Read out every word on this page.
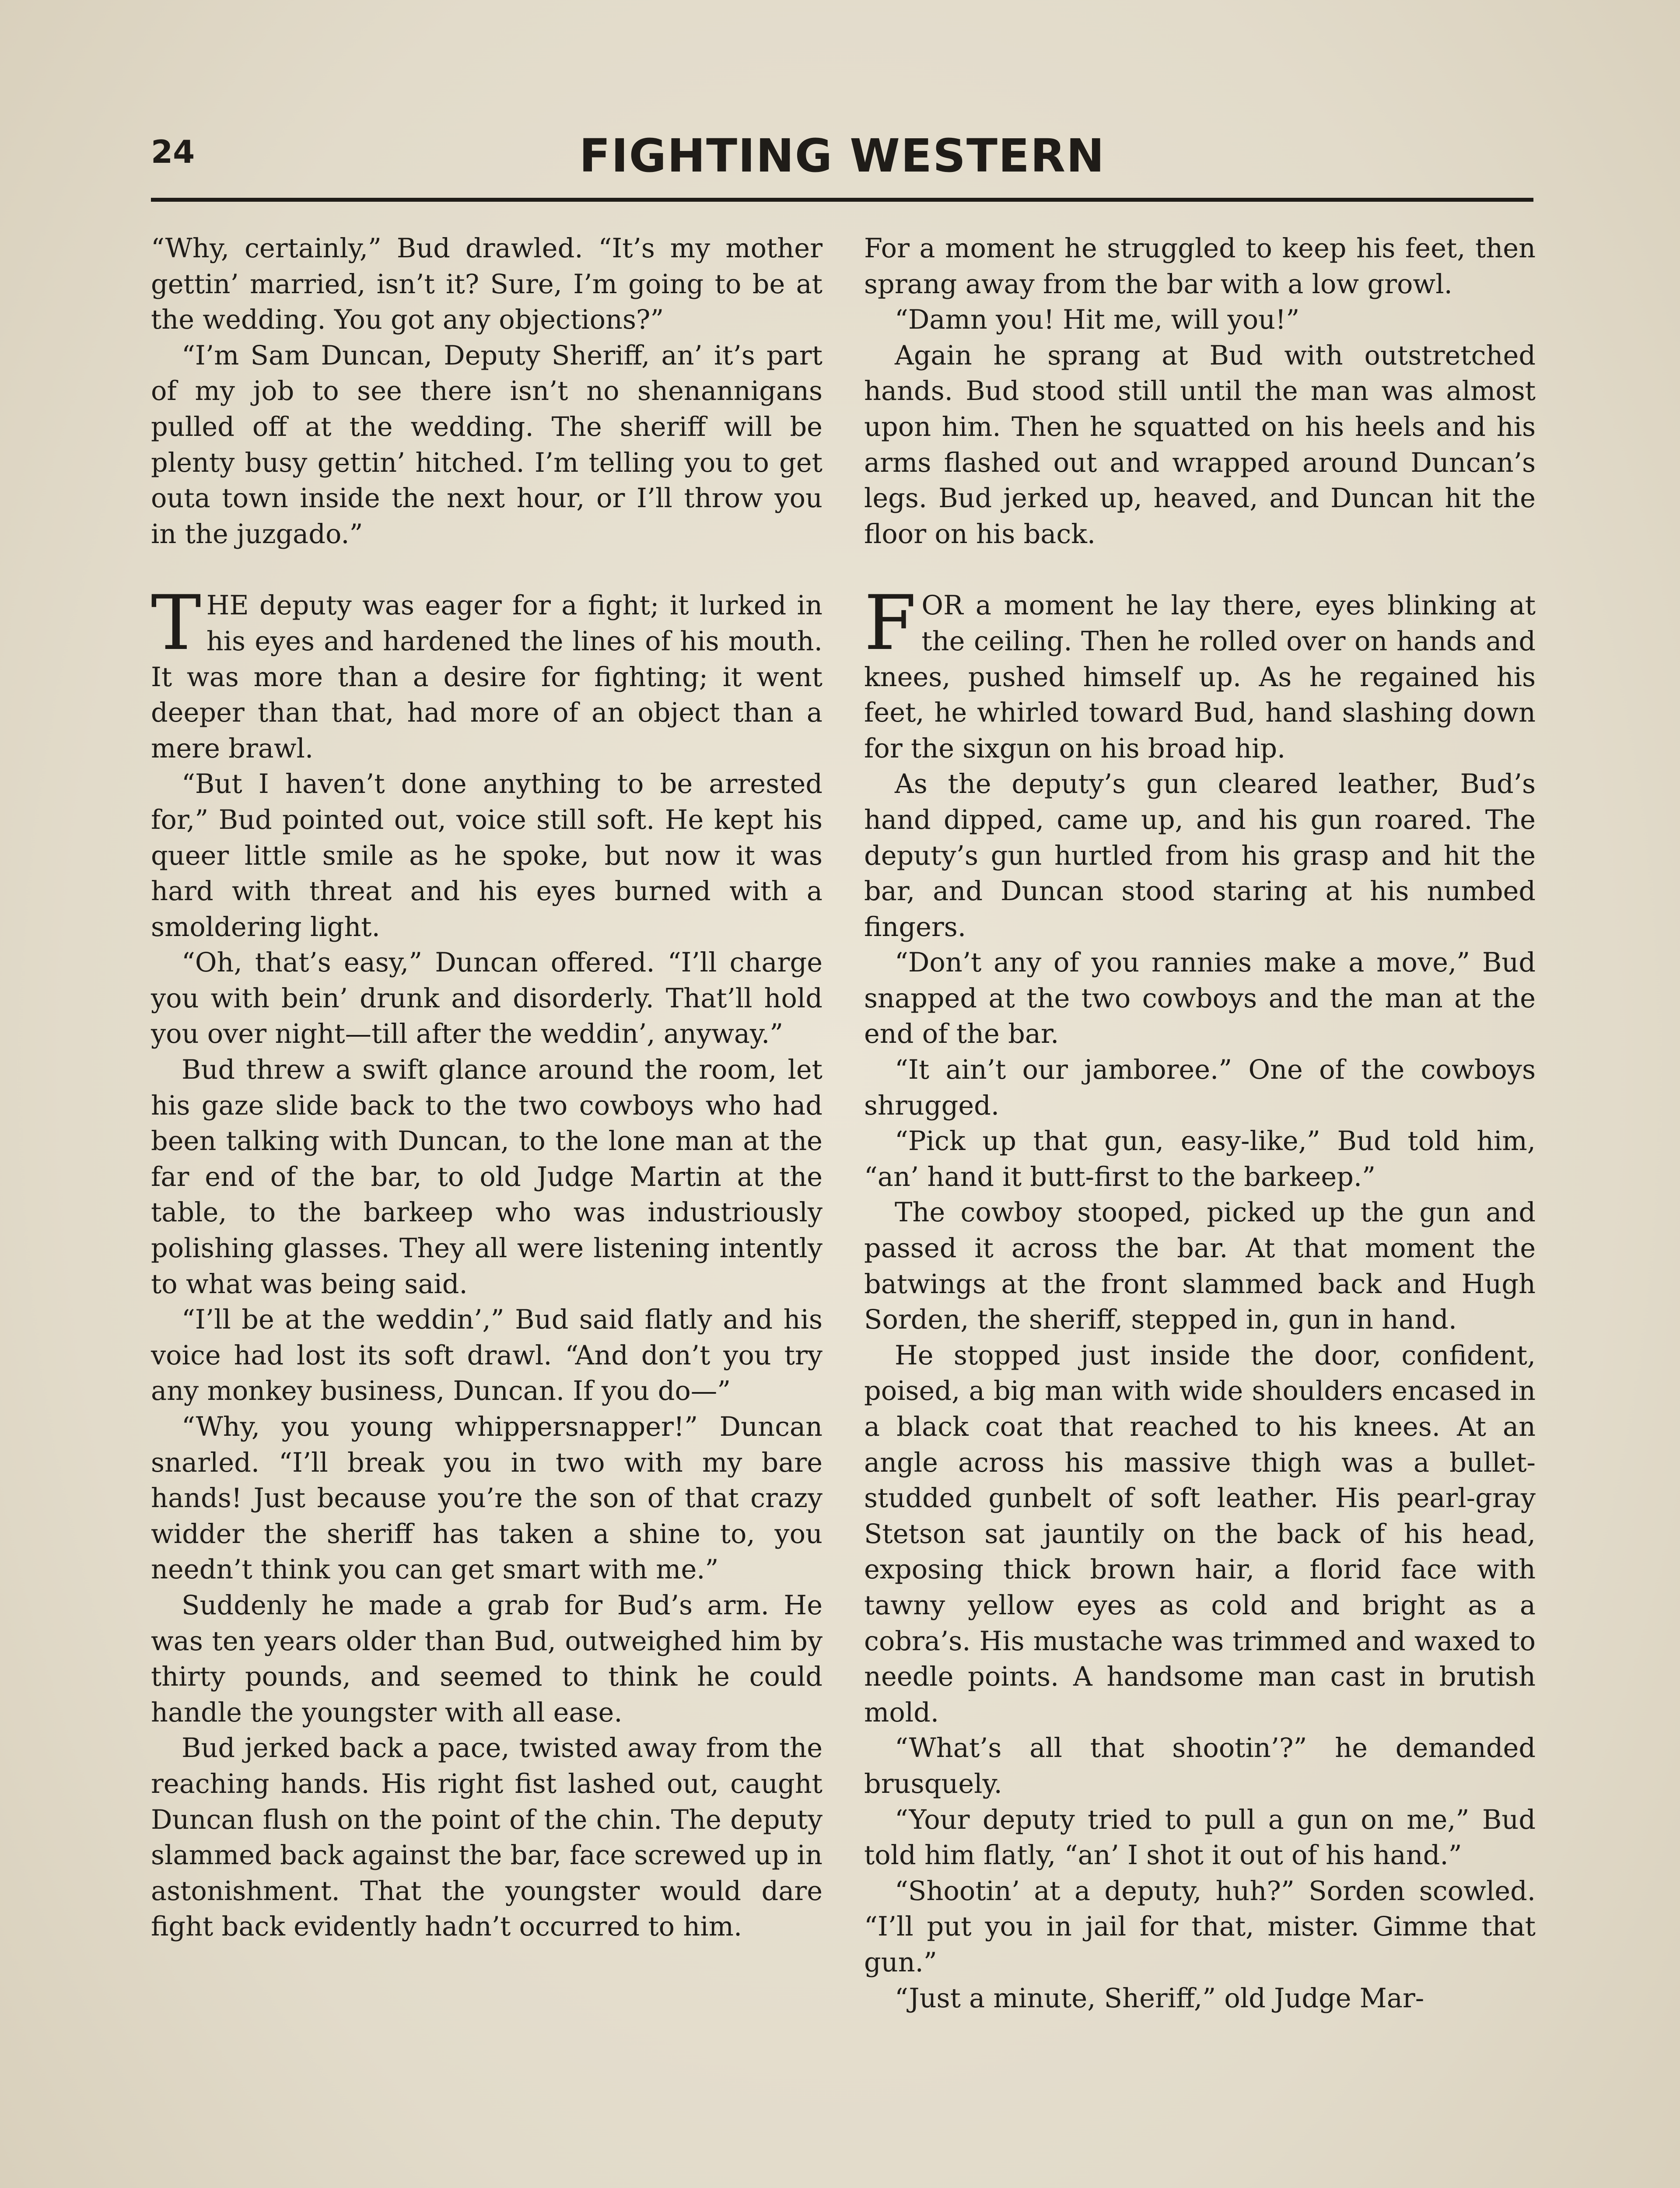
24	FIGHTING WESTERN

“Why, certainly,” Bud drawled. “It’s my mother gettin’ married, isn’t it? Sure, I’m going to be at the wedding. You got any objections?”

“I’m Sam Duncan, Deputy Sheriff, an’ it’s part of my job to see there isn’t no shenannigans pulled off at the wedding. The sheriff will be plenty busy gettin’ hitched. I’m telling you to get outa town inside the next hour, or I’ll throw you in the juzgado.”

THE deputy was eager for a fight; it lurked in his eyes and hardened the lines of his mouth. It was more than a desire for fighting; it went deeper than that, had more of an object than a mere brawl.

“But I haven’t done anything to be arrested for,” Bud pointed out, voice still soft. He kept his queer little smile as he spoke, but now it was hard with threat and his eyes burned with a smoldering light.

“Oh, that’s easy,” Duncan offered. “I’ll charge you with bein’ drunk and disorderly. That’ll hold you over night—till after the weddin’, anyway.”

Bud threw a swift glance around the room, let his gaze slide back to the two cowboys who had been talking with Duncan, to the lone man at the far end of the bar, to old Judge Martin at the table, to the barkeep who was industriously polishing glasses. They all were listening intently to what was being said.

“I’ll be at the weddin’,” Bud said flatly and his voice had lost its soft drawl. “And don’t you try any monkey business, Duncan. If you do—”

“Why, you young whippersnapper!” Duncan snarled. “I’ll break you in two with my bare hands! Just because you’re the son of that crazy widder the sheriff has taken a shine to, you needn’t think you can get smart with me.”

Suddenly he made a grab for Bud’s arm. He was ten years older than Bud, outweighed him by thirty pounds, and seemed to think he could handle the youngster with all ease.

Bud jerked back a pace, twisted away from the reaching hands. His right fist lashed out, caught Duncan flush on the point of the chin. The deputy slammed back against the bar, face screwed up in astonishment. That the youngster would dare fight back evidently hadn’t occurred to him.

For a moment he struggled to keep his feet, then sprang away from the bar with a low growl.

“Damn you! Hit me, will you!”

Again he sprang at Bud with outstretched hands. Bud stood still until the man was almost upon him. Then he squatted on his heels and his arms flashed out and wrapped around Duncan’s legs. Bud jerked up, heaved, and Duncan hit the floor on his back.

FOR a moment he lay there, eyes blinking at the ceiling. Then he rolled over on hands and knees, pushed himself up. As he regained his feet, he whirled toward Bud, hand slashing down for the sixgun on his broad hip.

As the deputy’s gun cleared leather, Bud’s hand dipped, came up, and his gun roared. The deputy’s gun hurtled from his grasp and hit the bar, and Duncan stood staring at his numbed fingers.

“Don’t any of you rannies make a move,” Bud snapped at the two cowboys and the man at the end of the bar.

“It ain’t our jamboree.” One of the cowboys shrugged.

“Pick up that gun, easy-like,” Bud told him, “an’ hand it butt-first to the barkeep.”

The cowboy stooped, picked up the gun and passed it across the bar. At that moment the batwings at the front slammed back and Hugh Sorden, the sheriff, stepped in, gun in hand.

He stopped just inside the door, confident, poised, a big man with wide shoulders encased in a black coat that reached to his knees. At an angle across his massive thigh was a bullet-studded gunbelt of soft leather. His pearl-gray Stetson sat jauntily on the back of his head, exposing thick brown hair, a florid face with tawny yellow eyes as cold and bright as a cobra’s. His mustache was trimmed and waxed to needle points. A handsome man cast in brutish mold.

“What’s all that shootin’?” he demanded brusquely.

“Your deputy tried to pull a gun on me,” Bud told him flatly, “an’ I shot it out of his hand.”

“Shootin’ at a deputy, huh?” Sorden scowled. “I’ll put you in jail for that, mister. Gimme that gun.”

“Just a minute, Sheriff,” old Judge Mar-
